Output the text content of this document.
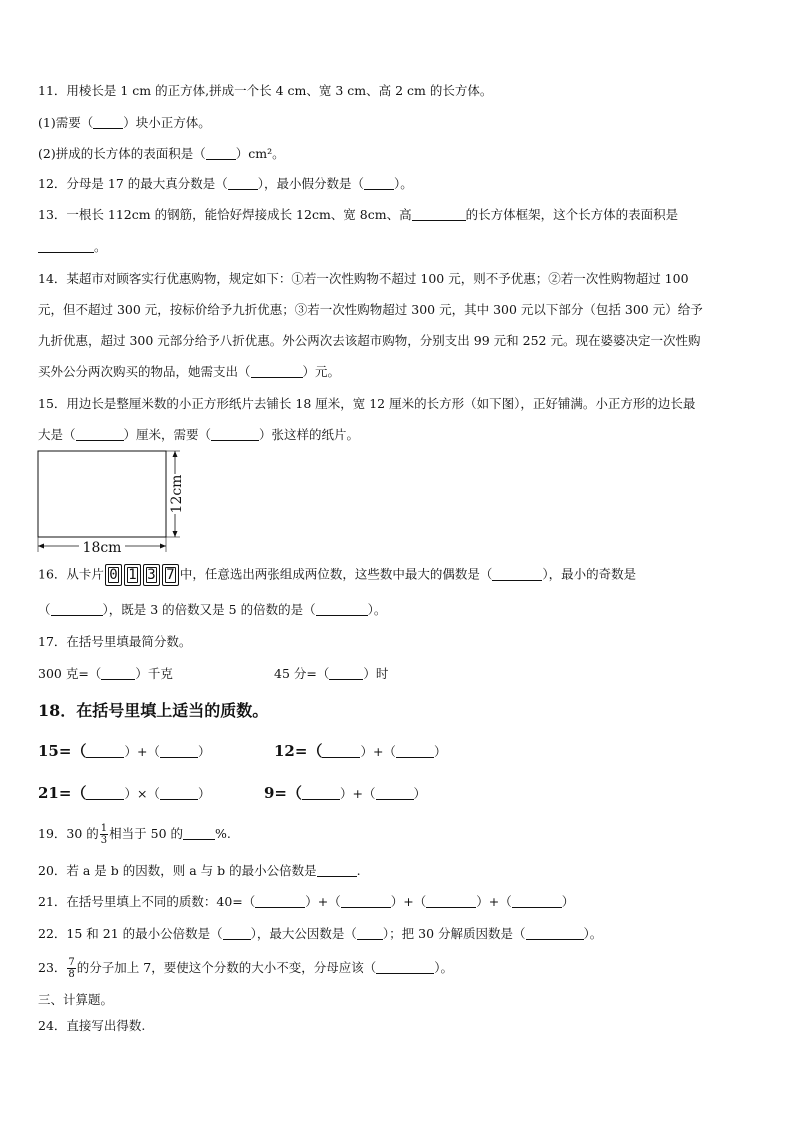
11．用棱长是 1 cm 的正方体,拼成一个长 4 cm、宽 3 cm、高 2 cm 的长方体。
(1)需要（ ）块小正方体。
(2)拼成的长方体的表面积是（ ）cm²。
12．分母是 17 的最大真分数是（ ），最小假分数是（ ）。
13．一根长 112cm 的钢筋，能恰好焊接成长 12cm、宽 8cm、高	的长方体框架，这个长方体的表面积是
。
14．某超市对顾客实行优惠购物，规定如下：①若一次性购物不超过 100 元，则不予优惠；②若一次性购物超过 100
元，但不超过 300 元，按标价给予九折优惠；③若一次性购物超过 300 元，其中 300 元以下部分（包括 300 元）给予
九折优惠，超过 300 元部分给予八折优惠。外公两次去该超市购物，分别支出 99 元和 252 元。现在婆婆决定一次性购
买外公分两次购买的物品，她需支出（	）元。
15．用边长是整厘米数的小正方形纸片去铺长 18 厘米，宽 12 厘米的长方形（如下图），正好铺满。小正方形的边长最
大是（	）厘米，需要（	）张这样的纸片。
12cm
18cm
16．从卡片 0 1 3 7 中，任意选出两张组成两位数，这些数中最大的偶数是（	），最小的奇数是
（	），既是 3 的倍数又是 5 的倍数的是（	）。
17．在括号里填最简分数。
300 克=（	）千克	45 分=（	）时
18．在括号里填上适当的质数。
15=（	）+（	）	12=（	）+（	）
21=（	）×（	）	9=（	）+（	）
19．30 的 $\frac{1}{3}$ 相当于 50 的	%.
20．若 a 是 b 的因数，则 a 与 b 的最小公倍数是	.
21．在括号里填上不同的质数：40=（	）+（	）+（	）+（	）
22．15 和 21 的最小公倍数是（ ），最大公因数是（ ）；把 30 分解质因数是（	）。
23． $\frac{7}{8}$ 的分子加上 7，要使这个分数的大小不变，分母应该（	）。
三、计算题。
24．直接写出得数.
